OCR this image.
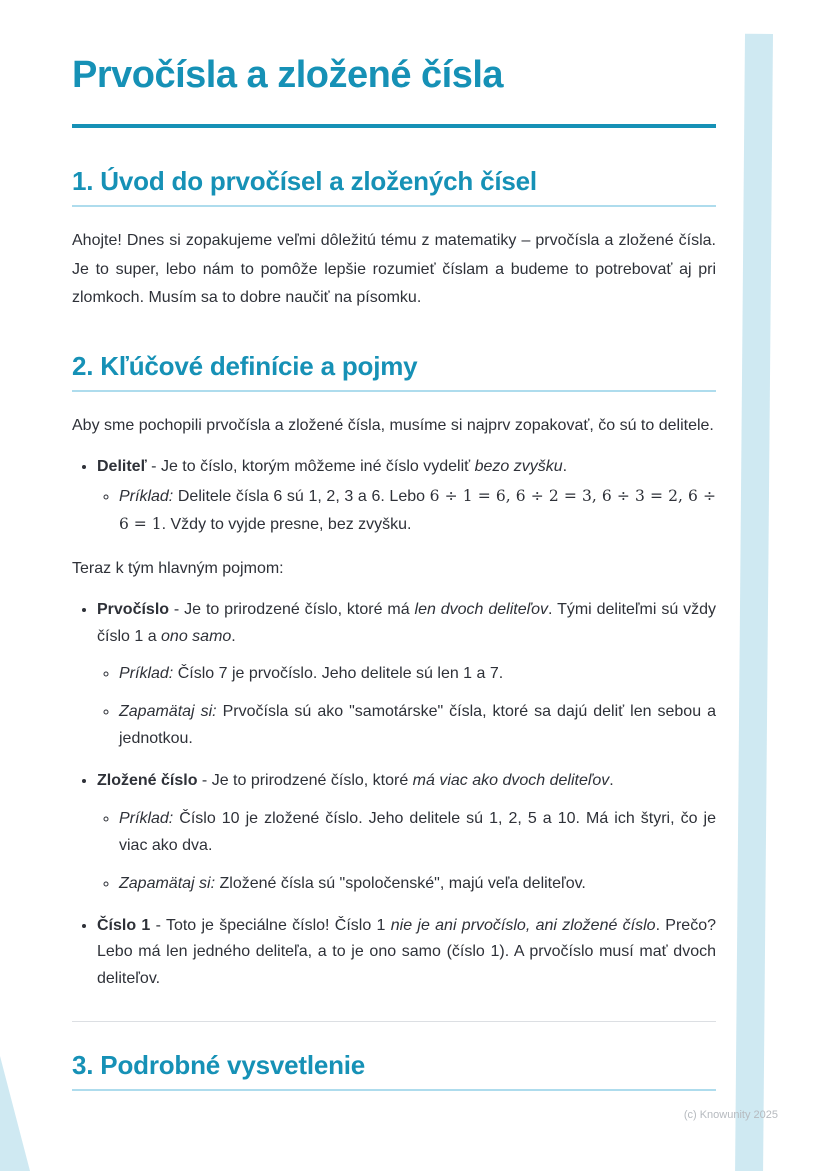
Prvočísla a zložené čísla
1. Úvod do prvočísel a zložených čísel

Ahojte! Dnes si zopakujeme veľmi dôležitú tému z matematiky – prvočísla a zložené čísla. Je to super, lebo nám to pomôže lepšie rozumieť číslam a budeme to potrebovať aj pri zlomkoch. Musím sa to dobre naučiť na písomku.

2. Kľúčové definície a pojmy

Aby sme pochopili prvočísla a zložené čísla, musíme si najprv zopakovať, čo sú to delitele.

• Deliteľ - Je to číslo, ktorým môžeme iné číslo vydeliť bezo zvyšku.
◦ Príklad: Delitele čísla 6 sú 1, 2, 3 a 6. Lebo 6 ÷ 1 = 6, 6 ÷ 2 = 3, 6 ÷ 3 = 2, 6 ÷ 6 = 1. Vždy to vyjde presne, bez zvyšku.

Teraz k tým hlavným pojmom:

• Prvočíslo - Je to prirodzené číslo, ktoré má len dvoch deliteľov. Tými deliteľmi sú vždy číslo 1 a ono samo.
◦ Príklad: Číslo 7 je prvočíslo. Jeho delitele sú len 1 a 7.
◦ Zapamätaj si: Prvočísla sú ako "samotárske" čísla, ktoré sa dajú deliť len sebou a jednotkou.
• Zložené číslo - Je to prirodzené číslo, ktoré má viac ako dvoch deliteľov.
◦ Príklad: Číslo 10 je zložené číslo. Jeho delitele sú 1, 2, 5 a 10. Má ich štyri, čo je viac ako dva.
◦ Zapamätaj si: Zložené čísla sú "spoločenské", majú veľa deliteľov.
• Číslo 1 - Toto je špeciálne číslo! Číslo 1 nie je ani prvočíslo, ani zložené číslo. Prečo? Lebo má len jedného deliteľa, a to je ono samo (číslo 1). A prvočíslo musí mať dvoch deliteľov.
3. Podrobné vysvetlenie
(c) Knowunity 2025
